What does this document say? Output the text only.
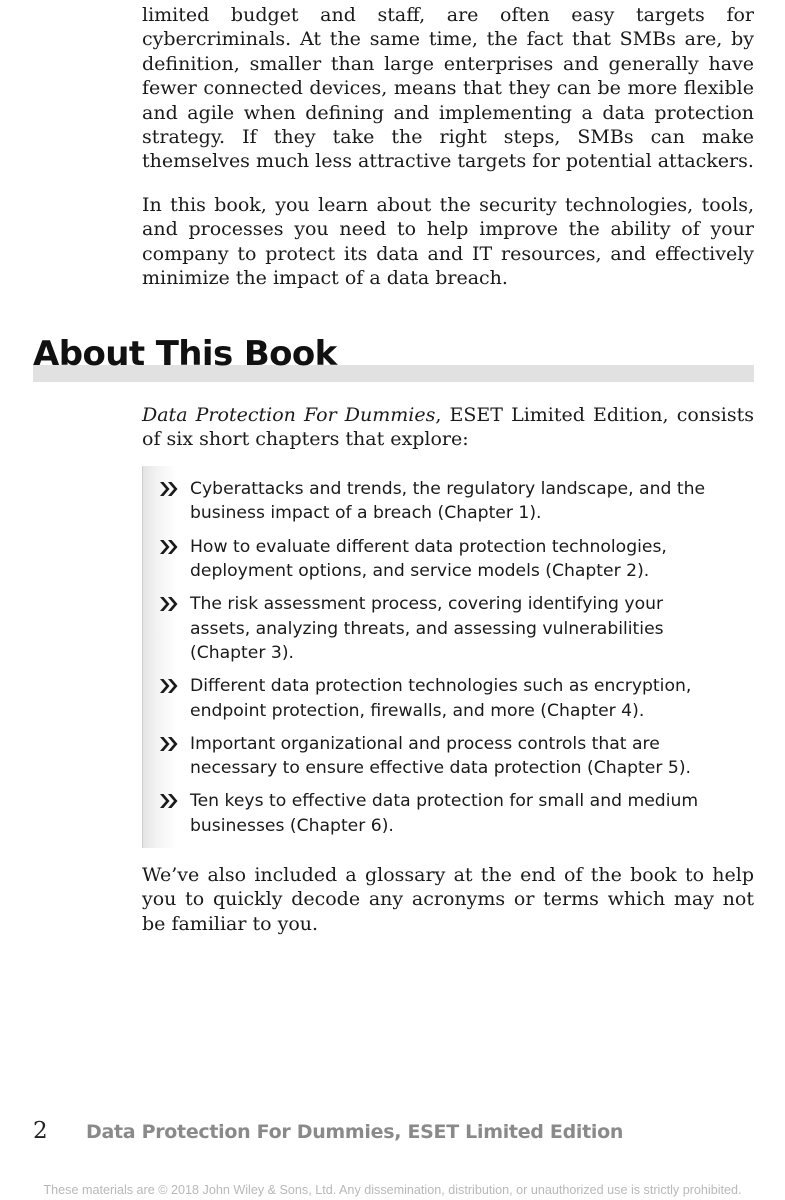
limited budget and staff, are often easy targets for cybercriminals. At the same time, the fact that SMBs are, by definition, smaller than large enterprises and generally have fewer connected devices, means that they can be more flexible and agile when defining and implementing a data protection strategy. If they take the right steps, SMBs can make themselves much less attractive targets for potential attackers.

In this book, you learn about the security technologies, tools, and processes you need to help improve the ability of your company to protect its data and IT resources, and effectively minimize the impact of a data breach.

About This Book

Data Protection For Dummies, ESET Limited Edition, consists of six short chapters that explore:

Cyberattacks and trends, the regulatory landscape, and the business impact of a breach (Chapter 1).
How to evaluate different data protection technologies, deployment options, and service models (Chapter 2).
The risk assessment process, covering identifying your assets, analyzing threats, and assessing vulnerabilities (Chapter 3).
Different data protection technologies such as encryption, endpoint protection, firewalls, and more (Chapter 4).
Important organizational and process controls that are necessary to ensure effective data protection (Chapter 5).
Ten keys to effective data protection for small and medium businesses (Chapter 6).

We’ve also included a glossary at the end of the book to help you to quickly decode any acronyms or terms which may not be familiar to you.

2 Data Protection For Dummies, ESET Limited Edition
These materials are © 2018 John Wiley & Sons, Ltd. Any dissemination, distribution, or unauthorized use is strictly prohibited.
